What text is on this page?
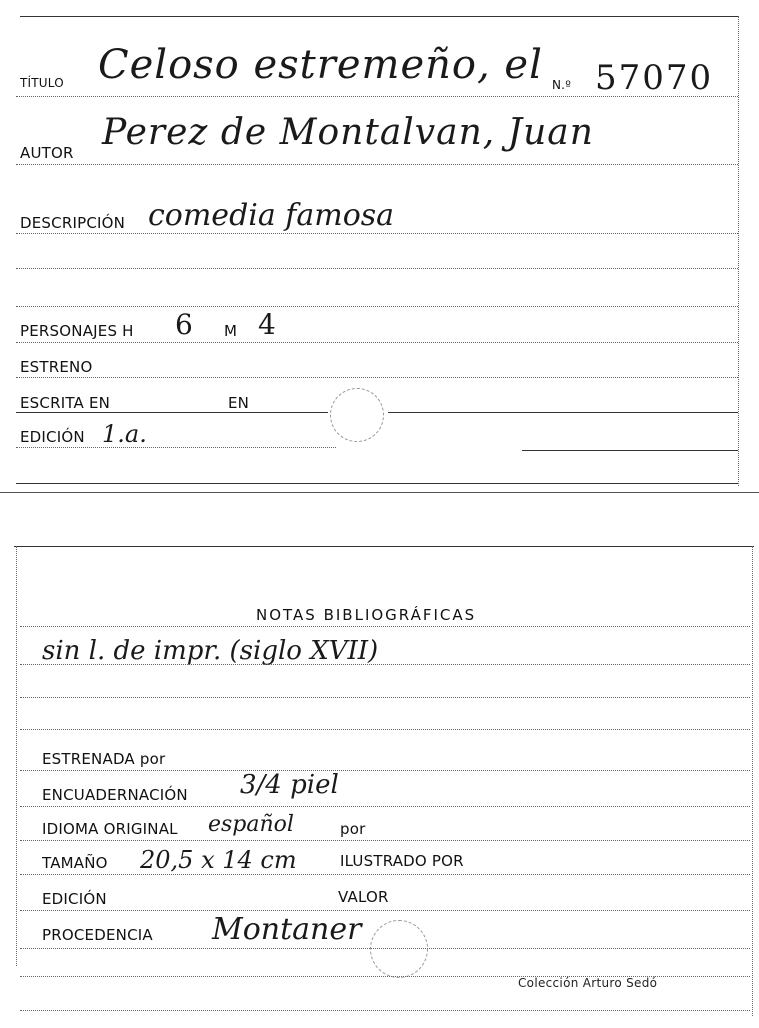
TÍTULO Celoso estremeño, el N.º 57070
AUTOR Perez de Montalvan, Juan
DESCRIPCIÓN comedia famosa
PERSONAJES H 6 M 4
ESTRENO
ESCRITA EN	EN
EDICIÓN 1.a.
NOTAS BIBLIOGRÁFICAS
sin l. de impr. (siglo XVII)
ESTRENADA por
ENCUADERNACIÓN 3/4 piel
IDIOMA ORIGINAL español	por
TAMAÑO 20,5 x 14 cm	ILUSTRADO POR
EDICIÓN	VALOR
PROCEDENCIA Montaner
Colección Arturo Sedó
